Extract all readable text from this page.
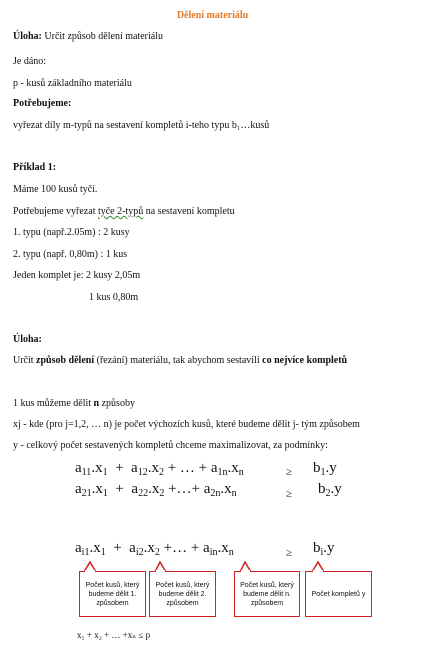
Dělení materiálu
Úloha: Určit způsob dělení materiálu
Je dáno:
p - kusů základního materiálu
Potřebujeme:
vyřezat díly m-typů na sestavení kompletů i-teho typu b₁…kusů
Příklad 1:
Máme 100 kusů tyčí.
Potřebujeme vyřezat tyče 2-typů na sestavení kompletu
1. typu (např.2.05m) : 2 kusy
2. typu (např. 0,80m) : 1 kus
Jeden komplet je: 2 kusy 2,05m
1 kus 0,80m
Úloha:
Určit způsob dělení (řezání) materiálu, tak abychom sestavili co nejvíce kompletů
1 kus můžeme dělit n způsoby
xj - kde (pro j=1,2, … n) je počet výchozích kusů, které budeme dělit j- tým způsobem
y - celkový počet sestavených kompletů chceme maximalizovat, za podmínky:
$a_{11}.x_1 + a_{12}.x_2$ + … + $a_{1n}.x_n$	≥ $b_1.y$
$a_{21}.x_1 + a_{22}.x_2$ +…+ $a_{2n}.x_n$	≥ $b_2.y$
$a_{i1}.x_1 + a_{i2}.x_2$ +… + $a_{in}.x_n$	≥ $b_i.y$
Počet kusů, který budeme dělit 1. způsobem
Počet kusů, který budeme dělit 2. způsobem
Počet kusů, který budeme dělit n. způsobem
Počet kompletů y
x₁ + x₂ + … +xₙ ≤ p
